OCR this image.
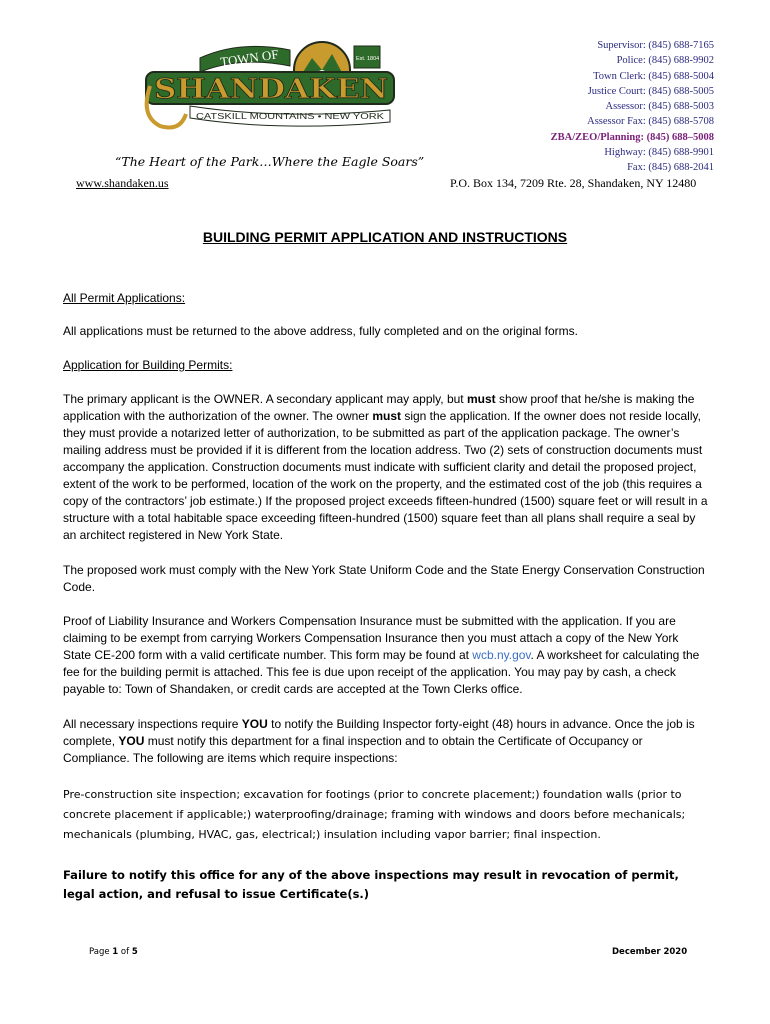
TOWN OF	Est. 1804
SHANDAKEN
CATSKILL MOUNTAINS • NEW YORK
“The Heart of the Park…Where the Eagle Soars”
www.shandaken.us
Supervisor: (845) 688-7165
Police: (845) 688-9902
Town Clerk: (845) 688-5004
Justice Court: (845) 688-5005
Assessor: (845) 688-5003
Assessor Fax: (845) 688-5708
ZBA/ZEO/Planning: (845) 688–5008
Highway: (845) 688-9901
Fax: (845) 688-2041
P.O. Box 134, 7209 Rte. 28, Shandaken, NY 12480
BUILDING PERMIT APPLICATION AND INSTRUCTIONS
All Permit Applications:
All applications must be returned to the above address, fully completed and on the original forms.
Application for Building Permits:
The primary applicant is the OWNER. A secondary applicant may apply, but must show proof that he/she is making the application with the authorization of the owner. The owner must sign the application. If the owner does not reside locally, they must provide a notarized letter of authorization, to be submitted as part of the application package. The owner’s mailing address must be provided if it is different from the location address. Two (2) sets of construction documents must accompany the application. Construction documents must indicate with sufficient clarity and detail the proposed project, extent of the work to be performed, location of the work on the property, and the estimated cost of the job (this requires a copy of the contractors’ job estimate.) If the proposed project exceeds fifteen-hundred (1500) square feet or will result in a structure with a total habitable space exceeding fifteen-hundred (1500) square feet than all plans shall require a seal by an architect registered in New York State.
The proposed work must comply with the New York State Uniform Code and the State Energy Conservation Construction Code.
Proof of Liability Insurance and Workers Compensation Insurance must be submitted with the application. If you are claiming to be exempt from carrying Workers Compensation Insurance then you must attach a copy of the New York State CE-200 form with a valid certificate number. This form may be found at wcb.ny.gov. A worksheet for calculating the fee for the building permit is attached. This fee is due upon receipt of the application. You may pay by cash, a check payable to: Town of Shandaken, or credit cards are accepted at the Town Clerks office.
All necessary inspections require YOU to notify the Building Inspector forty-eight (48) hours in advance. Once the job is complete, YOU must notify this department for a final inspection and to obtain the Certificate of Occupancy or Compliance. The following are items which require inspections:
Pre-construction site inspection; excavation for footings (prior to concrete placement;) foundation walls (prior to concrete placement if applicable;) waterproofing/drainage; framing with windows and doors before mechanicals; mechanicals (plumbing, HVAC, gas, electrical;) insulation including vapor barrier; final inspection.
Failure to notify this office for any of the above inspections may result in revocation of permit, legal action, and refusal to issue Certificate(s.)
Page 1 of 5	December 2020
